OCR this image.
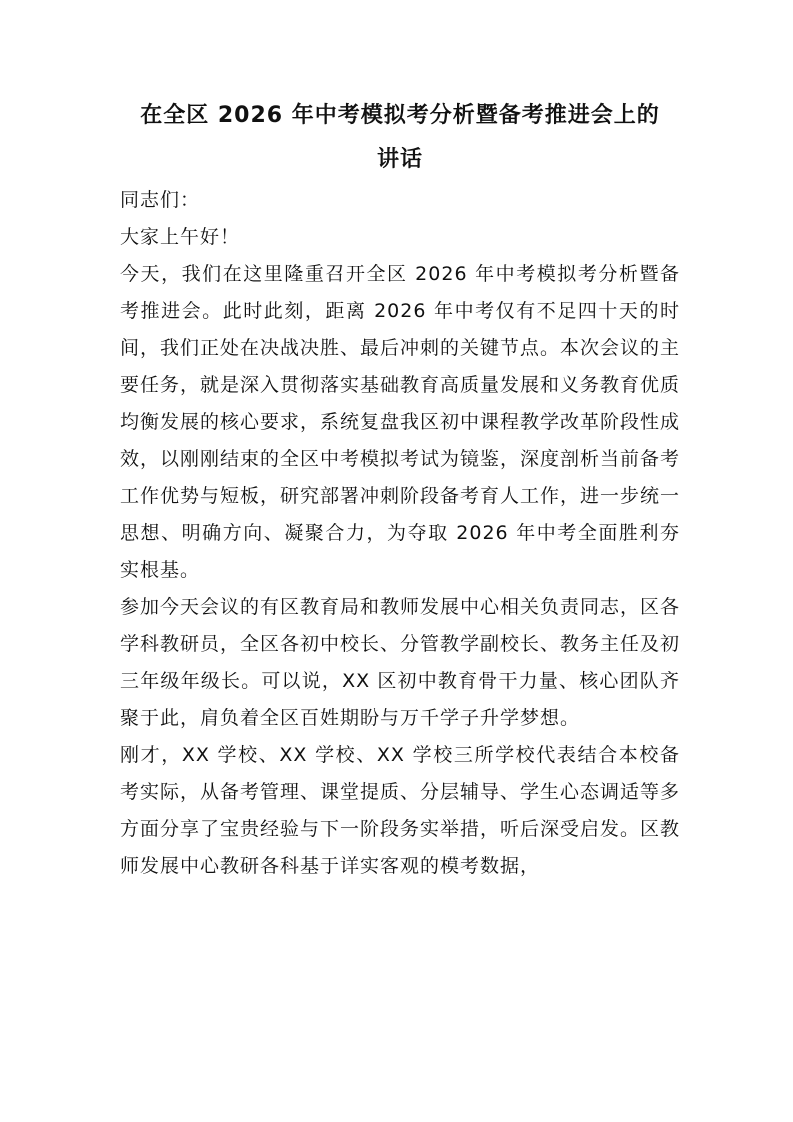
在全区 2026 年中考模拟考分析暨备考推进会上的
讲话

同志们：

大家上午好！

今天，我们在这里隆重召开全区 2026 年中考模拟考分析暨备考推进会。此时此刻，距离 2026 年中考仅有不足四十天的时间，我们正处在决战决胜、最后冲刺的关键节点。本次会议的主要任务，就是深入贯彻落实基础教育高质量发展和义务教育优质均衡发展的核心要求，系统复盘我区初中课程教学改革阶段性成效，以刚刚结束的全区中考模拟考试为镜鉴，深度剖析当前备考工作优势与短板，研究部署冲刺阶段备考育人工作，进一步统一思想、明确方向、凝聚合力，为夺取 2026 年中考全面胜利夯实根基。

参加今天会议的有区教育局和教师发展中心相关负责同志，区各学科教研员，全区各初中校长、分管教学副校长、教务主任及初三年级年级长。可以说，XX 区初中教育骨干力量、核心团队齐聚于此，肩负着全区百姓期盼与万千学子升学梦想。

刚才，XX 学校、XX 学校、XX 学校三所学校代表结合本校备考实际，从备考管理、课堂提质、分层辅导、学生心态调适等多方面分享了宝贵经验与下一阶段务实举措，听后深受启发。区教师发展中心教研各科基于详实客观的模考数据，
